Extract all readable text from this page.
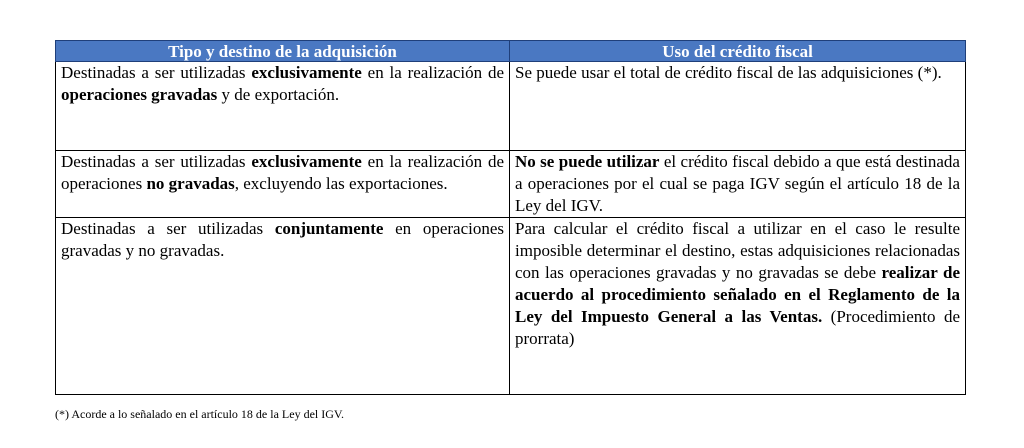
Tipo y destino de la adquisición	Uso del crédito fiscal
Destinadas a ser utilizadas exclusivamente en la realización de operaciones gravadas y de exportación.	Se puede usar el total de crédito fiscal de las adquisiciones (*).
Destinadas a ser utilizadas exclusivamente en la realización de operaciones no gravadas, excluyendo las exportaciones.	No se puede utilizar el crédito fiscal debido a que está destinada a operaciones por el cual se paga IGV según el artículo 18 de la Ley del IGV.
Destinadas a ser utilizadas conjuntamente en operaciones gravadas y no gravadas.	Para calcular el crédito fiscal a utilizar en el caso le resulte imposible determinar el destino, estas adquisiciones relacionadas con las operaciones gravadas y no gravadas se debe realizar de acuerdo al procedimiento señalado en el Reglamento de la Ley del Impuesto General a las Ventas. (Procedimiento de prorrata)
(*) Acorde a lo señalado en el artículo 18 de la Ley del IGV.
